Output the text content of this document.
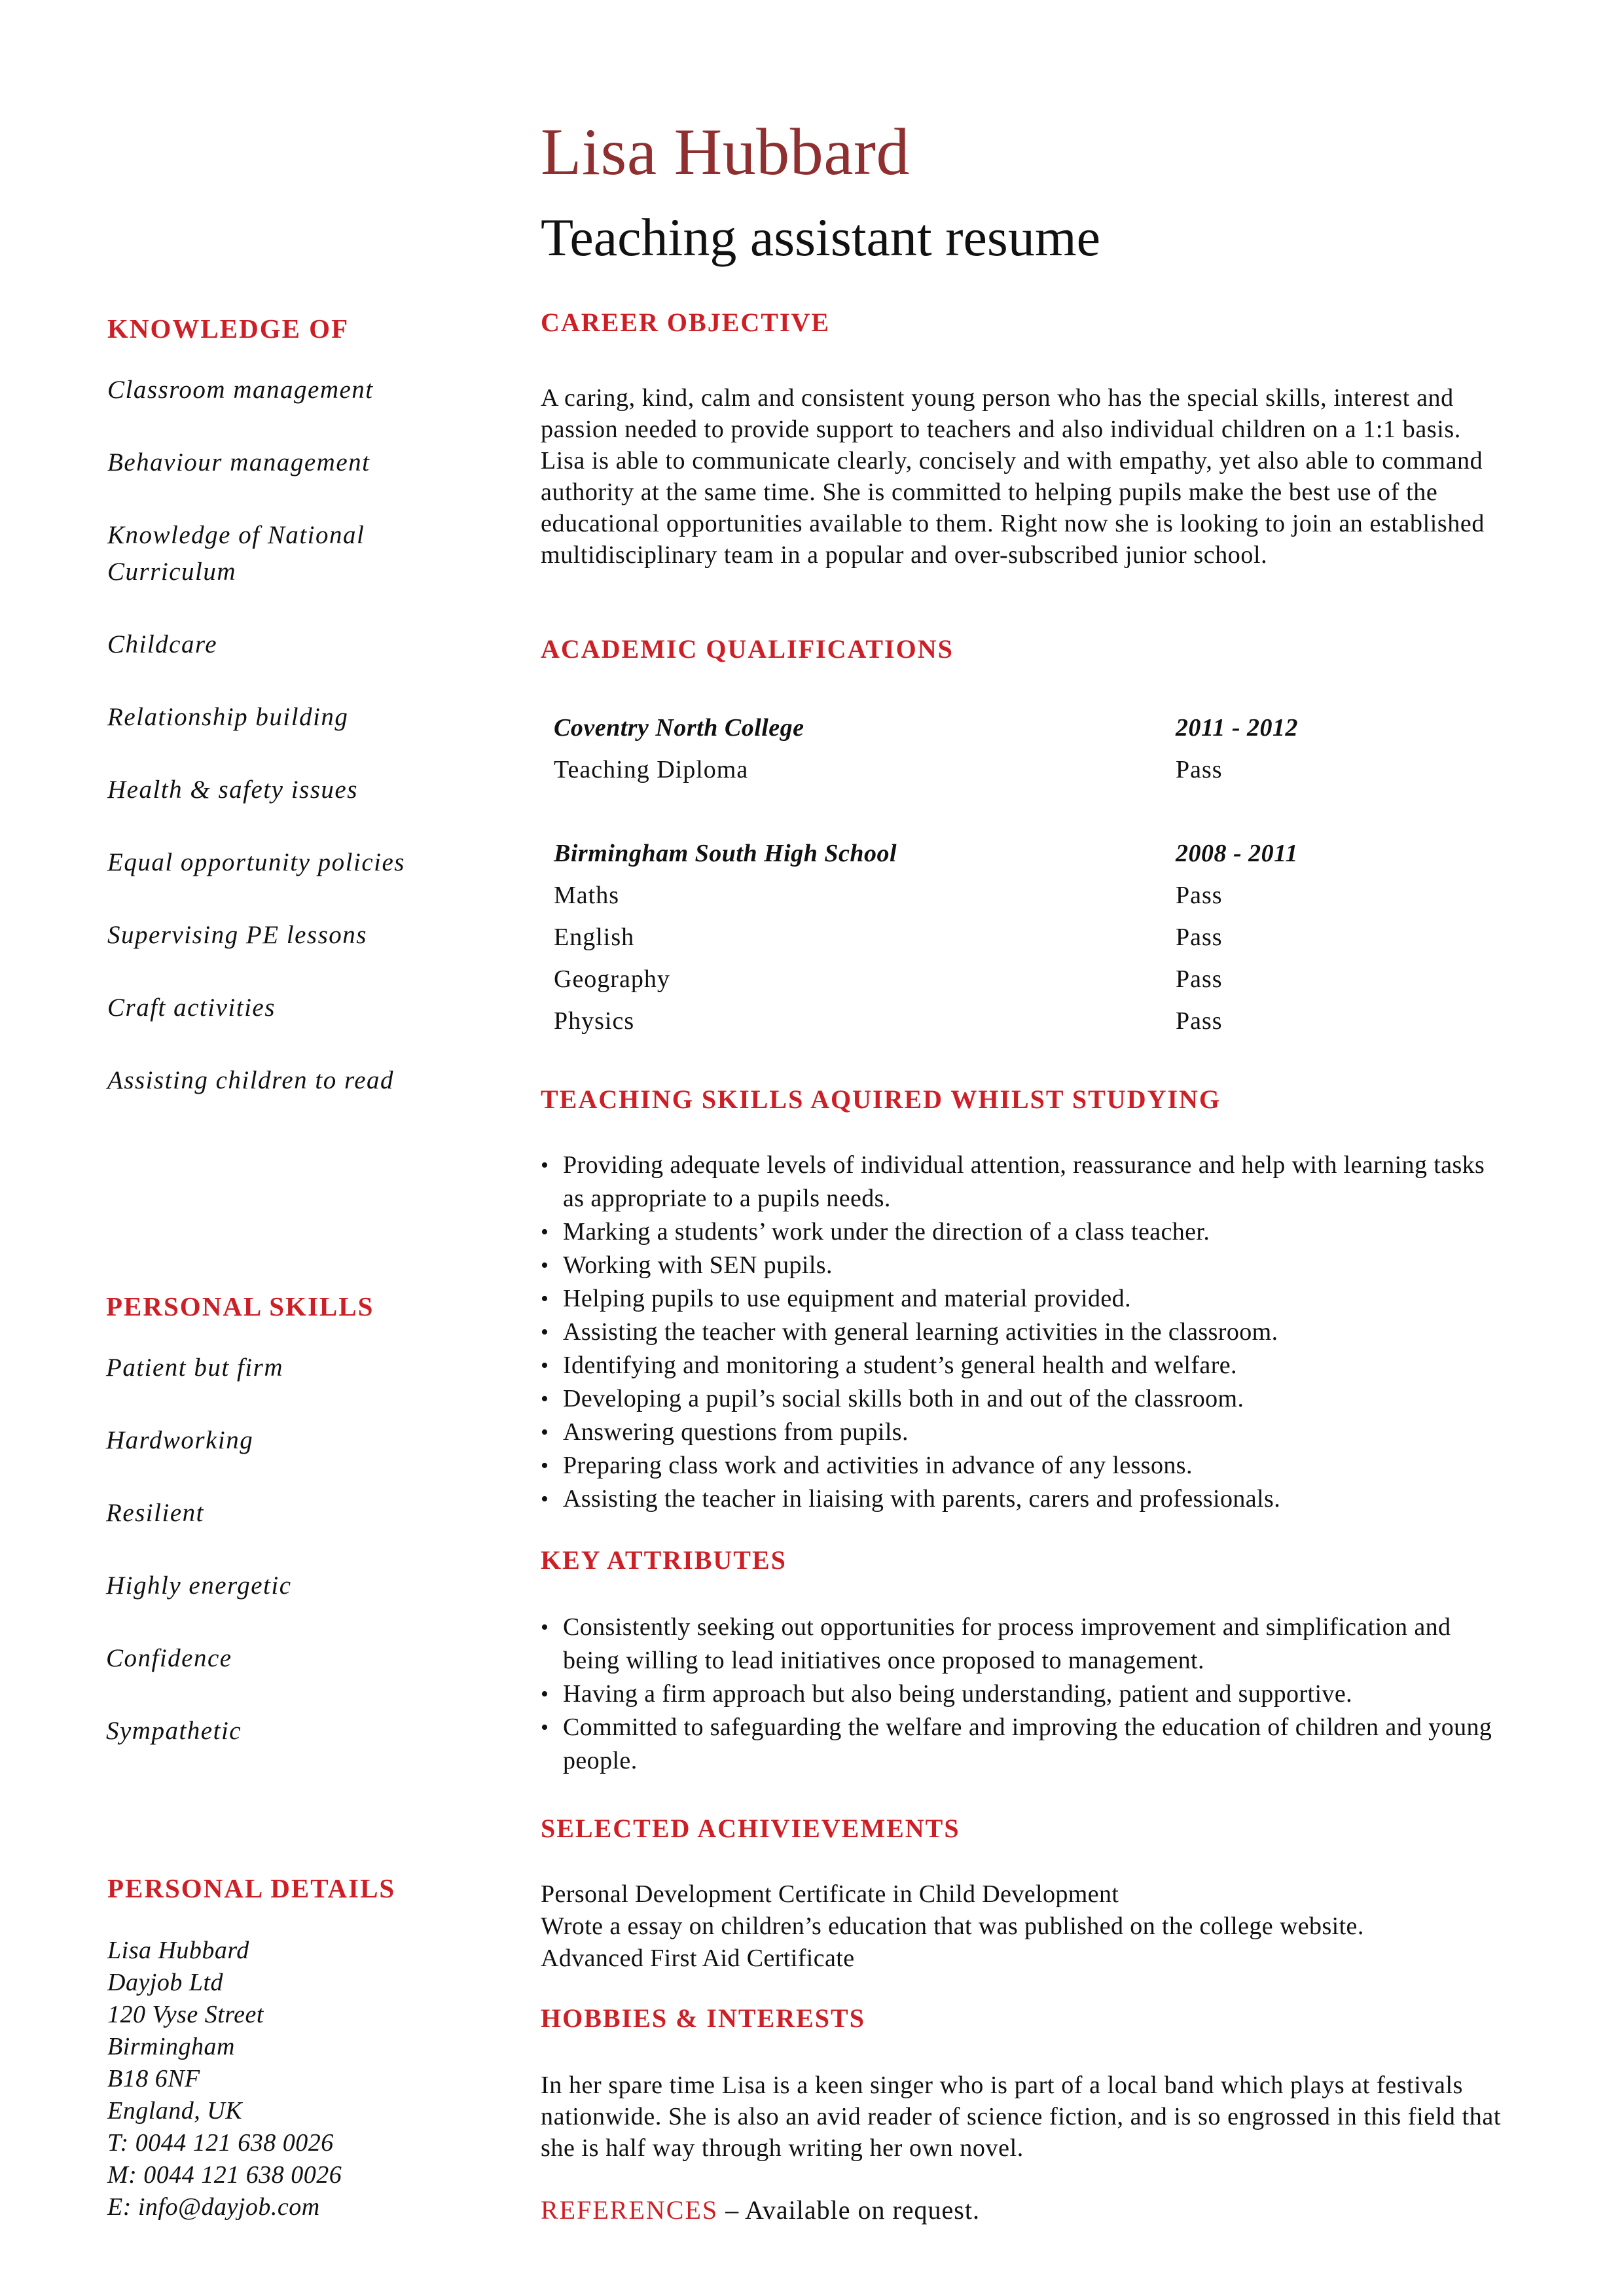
Lisa Hubbard
Teaching assistant resume
KNOWLEDGE OF
Classroom management
Behaviour management
Knowledge of National Curriculum
Childcare
Relationship building
Health & safety issues
Equal opportunity policies
Supervising PE lessons
Craft activities
Assisting children to read
PERSONAL SKILLS
Patient but firm
Hardworking
Resilient
Highly energetic
Confidence
Sympathetic
PERSONAL DETAILS
Lisa Hubbard
Dayjob Ltd
120 Vyse Street
Birmingham
B18 6NF
England, UK
T: 0044 121 638 0026
M: 0044 121 638 0026
E: info@dayjob.com
CAREER OBJECTIVE

A caring, kind, calm and consistent young person who has the special skills, interest and passion needed to provide support to teachers and also individual children on a 1:1 basis. Lisa is able to communicate clearly, concisely and with empathy, yet also able to command authority at the same time. She is committed to helping pupils make the best use of the educational opportunities available to them. Right now she is looking to join an established multidisciplinary team in a popular and over-subscribed junior school.

ACADEMIC QUALIFICATIONS
Coventry North College	2011 - 2012
Teaching Diploma	Pass

Birmingham South High School	2008 - 2011
Maths	Pass
English	Pass
Geography	Pass
Physics	Pass
TEACHING SKILLS AQUIRED WHILST STUDYING
• Providing adequate levels of individual attention, reassurance and help with learning tasks as appropriate to a pupils needs.
• Marking a students’ work under the direction of a class teacher.
• Working with SEN pupils.
• Helping pupils to use equipment and material provided.
• Assisting the teacher with general learning activities in the classroom.
• Identifying and monitoring a student’s general health and welfare.
• Developing a pupil’s social skills both in and out of the classroom.
• Answering questions from pupils.
• Preparing class work and activities in advance of any lessons.
• Assisting the teacher in liaising with parents, carers and professionals.
KEY ATTRIBUTES
• Consistently seeking out opportunities for process improvement and simplification and being willing to lead initiatives once proposed to management.
• Having a firm approach but also being understanding, patient and supportive.
• Committed to safeguarding the welfare and improving the education of children and young people.
SELECTED ACHIVIEVEMENTS
Personal Development Certificate in Child Development
Wrote a essay on children’s education that was published on the college website.
Advanced First Aid Certificate
HOBBIES & INTERESTS

In her spare time Lisa is a keen singer who is part of a local band which plays at festivals nationwide. She is also an avid reader of science fiction, and is so engrossed in this field that she is half way through writing her own novel.

REFERENCES – Available on request.
